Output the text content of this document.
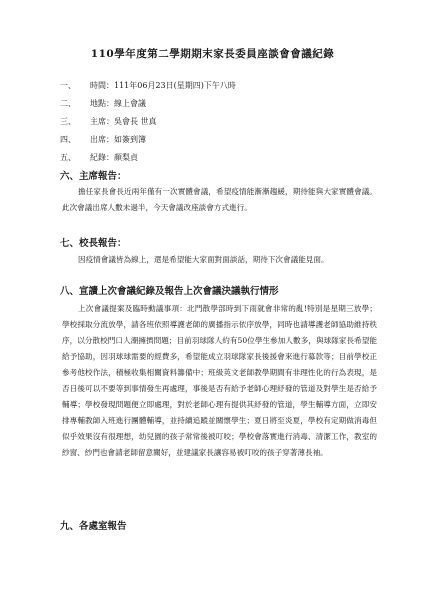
110學年度第二學期期末家長委員座談會會議紀錄
一、 時間：111年06月23日(星期四)下午八時
二、 地點：線上會議
三、 主席：吳會長 世真
四、 出席：如簽到簿
五、 紀錄：顏梨貞
六、主席報告：

擔任家長會長近兩年僅有一次實體會議，希望疫情能漸漸趨緩，期待能與大家實體會議。此次會議出席人數未過半，今天會議改座談會方式進行。

七、校長報告：

因疫情會議皆為線上，還是希望能大家面對面談話，期待下次會議能見面。

八、宣讀上次會議紀錄及報告上次會議決議執行情形

上次會議提案及臨時動議事項：北門散學部時到下雨就會非常的亂!特別是星期三放學；學校採取分流放學，請各班依照導護老師的廣播指示依序放學，同時也請導護老師協助維持秩序，以分散校門口人潮擁擠問題；目前羽球隊人約有50位學生參加人數多，與球隊家長希望能給予協助，因羽球球需要的經費多，希望能成立羽球隊家長後援會來進行募款等；目前學校正參考他校作法，積極收集相關資料籌備中；班級英文老師教學期間有非理性化的行為表現，是否日後可以不要等到事情發生再處理，事後是否有給予老師心理紓發的管道及對學生是否給予輔導；學校發現問題便立即處理，對於老師心理有提供其紓發的管道，學生輔導方面，立即安排專輔教師入班進行團體輔導，並持續追蹤並關懷學生；夏日將至炎夏，學校有定期做消毒但似乎效果沒有很理想，幼兒園的孩子常常後被叮咬；學校會落實進行消毒、清潔工作，教室的紗窗、紗門也會請老師留意關好，並建議家長讓容易被叮咬的孩子穿著薄長袖。

九、各處室報告
